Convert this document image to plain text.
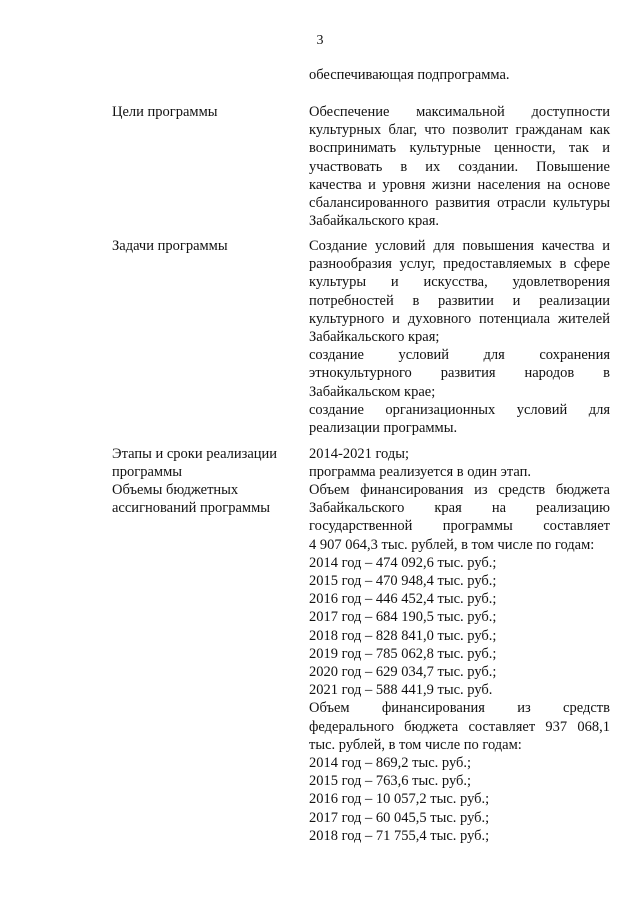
3
обеспечивающая подпрограмма.
Цели программы	Обеспечение максимальной доступности
культурных благ, что позволит гражданам как
воспринимать культурные ценности, так и
участвовать в их создании. Повышение
качества и уровня жизни населения на основе
сбалансированного развития отрасли культуры
Забайкальского края.
Задачи программы	Создание условий для повышения качества и
разнообразия услуг, предоставляемых в сфере
культуры и искусства, удовлетворения
потребностей в развитии и реализации
культурного и духовного потенциала жителей
Забайкальского края;
создание условий для сохранения
этнокультурного развития народов в
Забайкальском крае;
создание организационных условий для
реализации программы.
Этапы и сроки реализации
программы
2014-2021 годы;
программа реализуется в один этап.
Объемы бюджетных
ассигнований программы
Объем финансирования из средств бюджета
Забайкальского края на реализацию
государственной программы составляет
4 907 064,3 тыс. рублей, в том числе по годам:
2014 год – 474 092,6 тыс. руб.;
2015 год – 470 948,4 тыс. руб.;
2016 год – 446 452,4 тыс. руб.;
2017 год – 684 190,5 тыс. руб.;
2018 год – 828 841,0 тыс. руб.;
2019 год – 785 062,8 тыс. руб.;
2020 год – 629 034,7 тыс. руб.;
2021 год – 588 441,9 тыс. руб.
Объем финансирования из средств
федерального бюджета составляет 937 068,1
тыс. рублей, в том числе по годам:
2014 год – 869,2 тыс. руб.;
2015 год – 763,6 тыс. руб.;
2016 год – 10 057,2 тыс. руб.;
2017 год – 60 045,5 тыс. руб.;
2018 год – 71 755,4 тыс. руб.;
